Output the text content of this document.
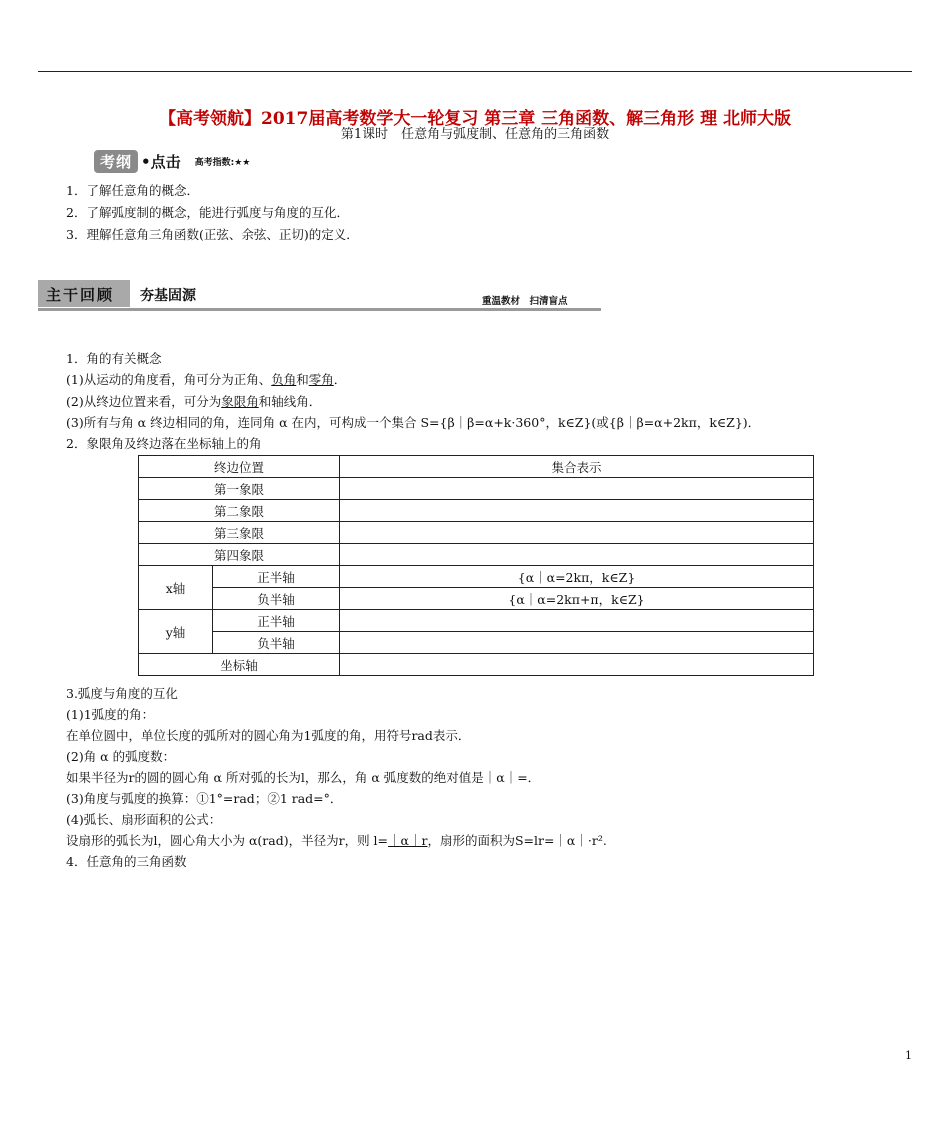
【高考领航】2017届高考数学大一轮复习 第三章 三角函数、解三角形 理 北师大版
第1课时　任意角与弧度制、任意角的三角函数
考纲 •点击 高考指数:★★
1．了解任意角的概念．
2．了解弧度制的概念，能进行弧度与角度的互化．
3．理解任意角三角函数(正弦、余弦、正切)的定义．
主干回顾 夯基固源	重温教材　扫清盲点
1．角的有关概念
(1)从运动的角度看，角可分为正角、负角和零角．
(2)从终边位置来看，可分为象限角和轴线角．
(3)所有与角 α 终边相同的角，连同角 α 在内，可构成一个集合 S={β｜β=α+k·360°，k∈Z}(或{β｜β=α+2kπ，k∈Z})．
2．象限角及终边落在坐标轴上的角
终边位置		集合表示
第一象限		
第二象限		
第三象限		
第四象限		
x轴	正半轴	{α｜α=2kπ，k∈Z}
	负半轴	{α｜α=2kπ+π，k∈Z}
y轴	正半轴	
	负半轴	
坐标轴		
3.弧度与角度的互化
(1)1弧度的角：
在单位圆中，单位长度的弧所对的圆心角为1弧度的角，用符号rad表示．
(2)角 α 的弧度数：
如果半径为r的圆的圆心角 α 所对弧的长为l，那么，角 α 弧度数的绝对值是｜α｜=．
(3)角度与弧度的换算：①1°=rad；②1 rad=°．
(4)弧长、扇形面积的公式：
设扇形的弧长为l，圆心角大小为 α(rad)，半径为r，则 l=｜α｜r，扇形的面积为S=lr=｜α｜·r².
4．任意角的三角函数
1
